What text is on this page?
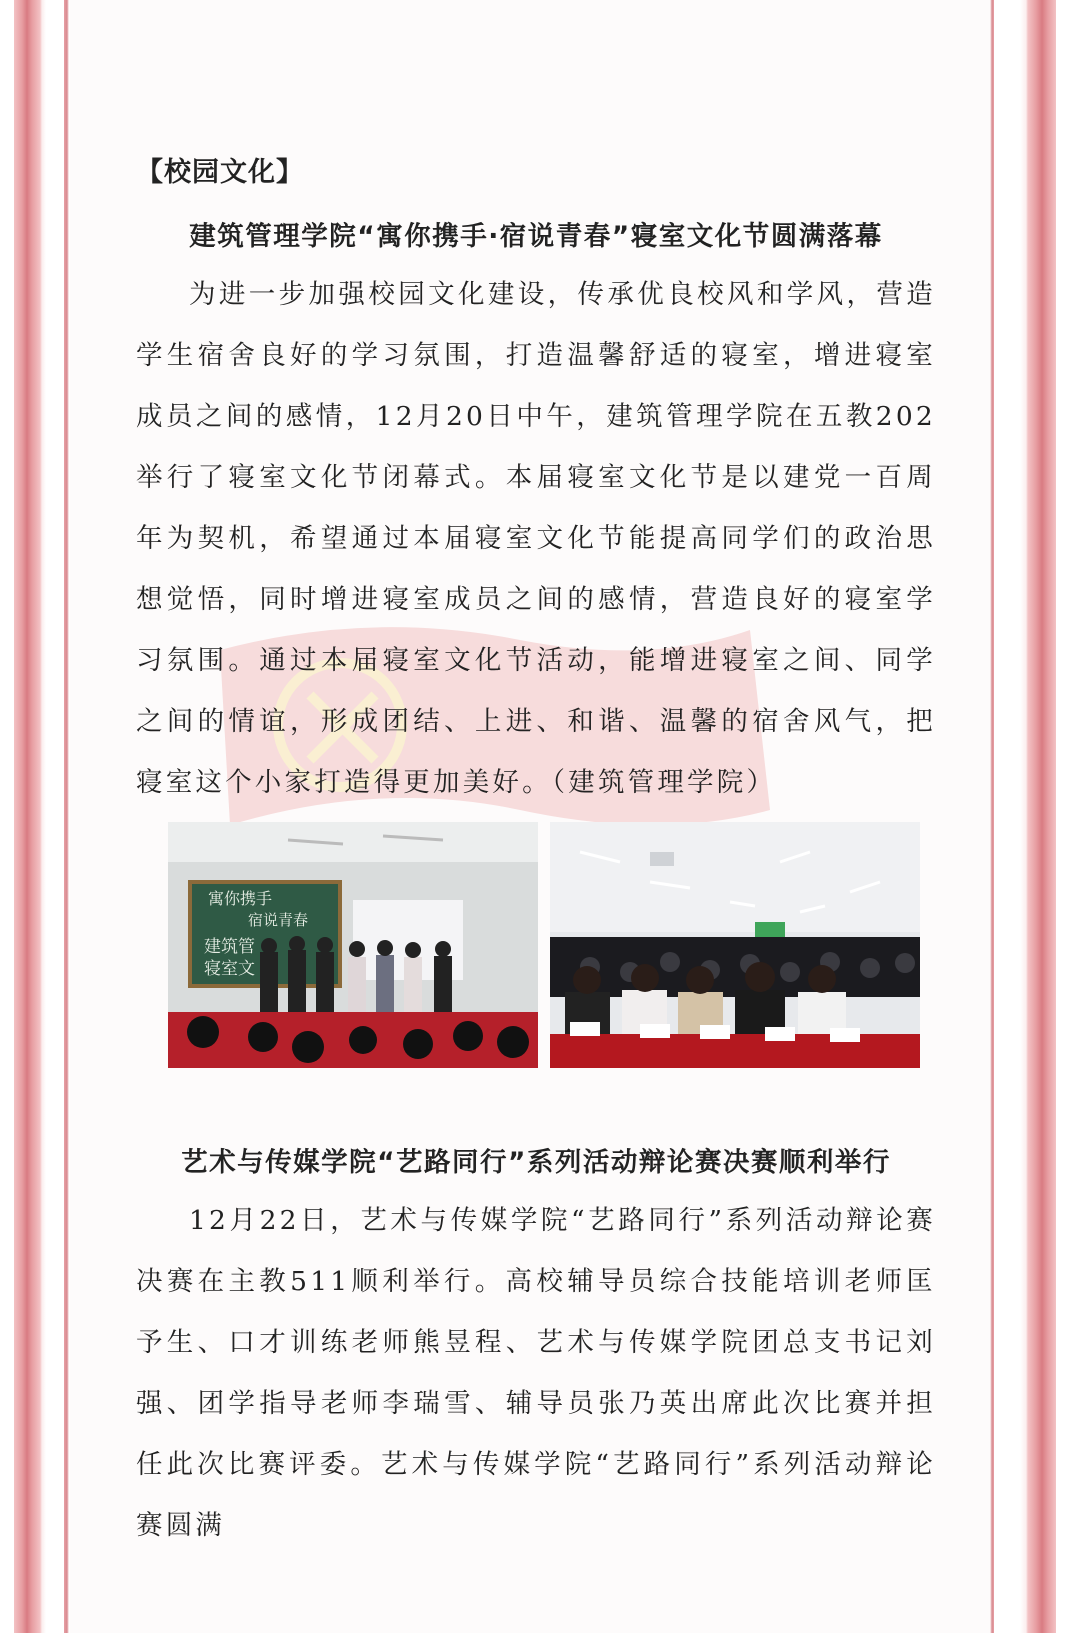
【校园文化】
建筑管理学院“寓你携手·宿说青春”寝室文化节圆满落幕

为进一步加强校园文化建设，传承优良校风和学风，营造学生宿舍良好的学习氛围，打造温馨舒适的寝室，增进寝室成员之间的感情，12月20日中午，建筑管理学院在五教202举行了寝室文化节闭幕式。本届寝室文化节是以建党一百周年为契机，希望通过本届寝室文化节能提高同学们的政治思想觉悟，同时增进寝室成员之间的感情，营造良好的寝室学习氛围。通过本届寝室文化节活动，能增进寝室之间、同学之间的情谊，形成团结、上进、和谐、温馨的宿舍风气，把寝室这个小家打造得更加美好。（建筑管理学院）

艺术与传媒学院“艺路同行”系列活动辩论赛决赛顺利举行

12月22日，艺术与传媒学院“艺路同行”系列活动辩论赛决赛在主教511顺利举行。高校辅导员综合技能培训老师匡予生、口才训练老师熊昱程、艺术与传媒学院团总支书记刘强、团学指导老师李瑞雪、辅导员张乃英出席此次比赛并担任此次比赛评委。艺术与传媒学院“艺路同行”系列活动辩论赛圆满

寓你携手
宿说青春
建筑管
寝室文
